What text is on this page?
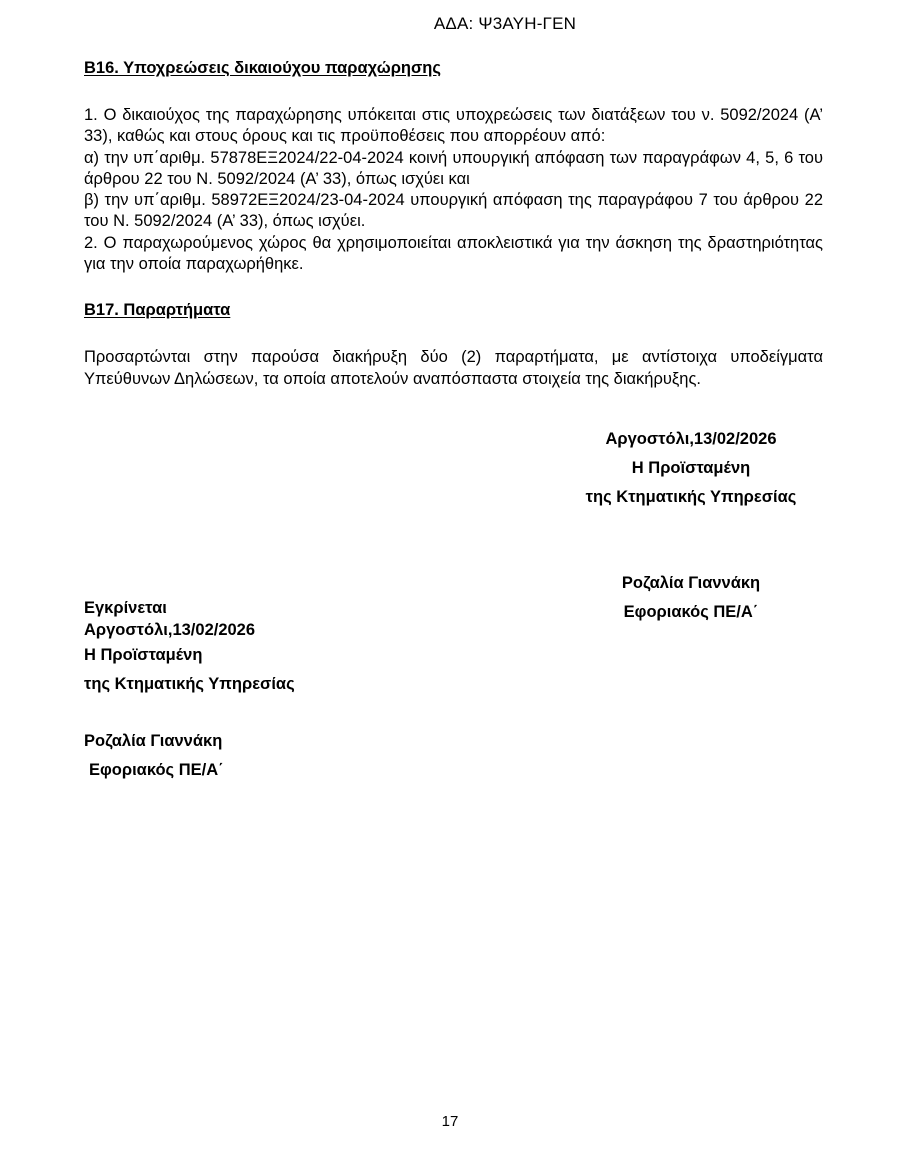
ΑΔΑ: Ψ3ΑΥΗ-ΓΕΝ
Β16. Υποχρεώσεις δικαιούχου παραχώρησης

1. Ο δικαιούχος της παραχώρησης υπόκειται στις υποχρεώσεις των διατάξεων του ν. 5092/2024 (Α’ 33), καθώς και στους όρους και τις προϋποθέσεις που απορρέουν από:

α) την υπ΄αριθμ. 57878ΕΞ2024/22-04-2024 κοινή υπουργική απόφαση των παραγράφων 4, 5, 6 του άρθρου 22 του Ν. 5092/2024 (Α’ 33), όπως ισχύει και

β) την υπ΄αριθμ. 58972ΕΞ2024/23-04-2024 υπουργική απόφαση της παραγράφου 7 του άρθρου 22 του Ν. 5092/2024 (Α’ 33), όπως ισχύει.

2. Ο παραχωρούμενος χώρος θα χρησιμοποιείται αποκλειστικά για την άσκηση της δραστηριότητας για την οποία παραχωρήθηκε.

Β17. Παραρτήματα

Προσαρτώνται στην παρούσα διακήρυξη δύο (2) παραρτήματα, με αντίστοιχα υποδείγματα Υπεύθυνων Δηλώσεων, τα οποία αποτελούν αναπόσπαστα στοιχεία της διακήρυξης.

Αργοστόλι,13/02/2026
Η Προϊσταμένη
της Κτηματικής Υπηρεσίας
Ροζαλία Γιαννάκη
Εφοριακός ΠΕ/Α΄
Εγκρίνεται
Αργοστόλι,13/02/2026
Η Προϊσταμένη
της Κτηματικής Υπηρεσίας
Ροζαλία Γιαννάκη
Εφοριακός ΠΕ/Α΄
17
